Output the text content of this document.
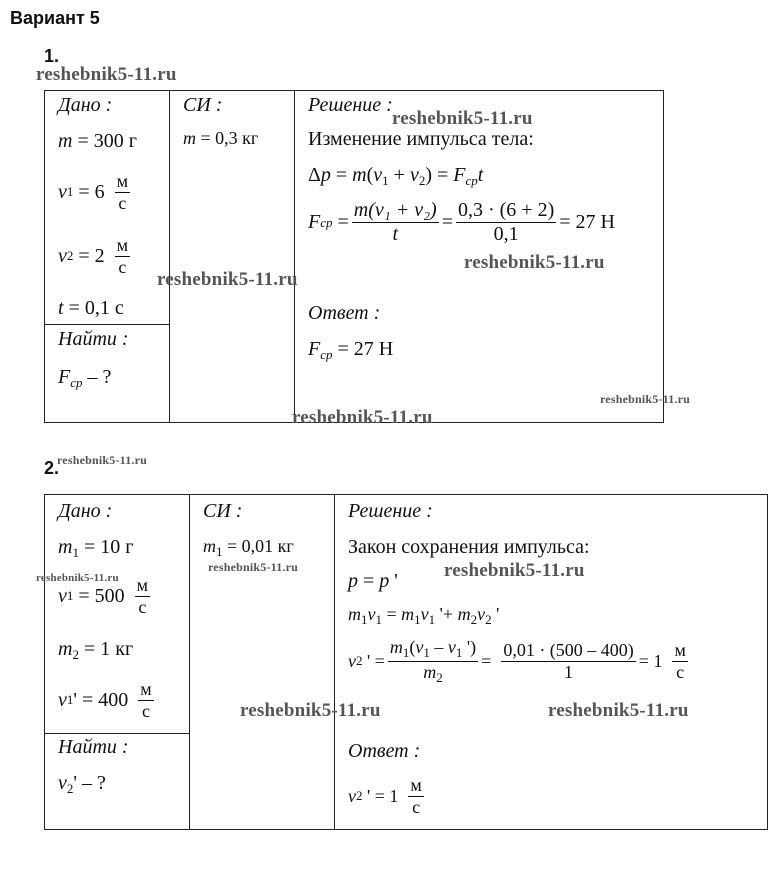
Вариант 5
1.
reshebnik5-11.ru
Дано :
m = 300 г
v $1 = 6 \frac{м}{с}$
v $2 = 2 \frac{м}{с}$
t = 0,1 с
Найти :
$F_{ср}$ – ?
СИ :
m = 0,3 кг
Решение :
Изменение импульса тела:
$\Delta p = m(v_1 + v_2) = F_{ср}t$
F ср = $\frac{\text{m(v₁ + v₂)}}{t} = \frac{0,3 \cdot (6 + 2)}{0,1} = 27$ Н
Ответ :
$F_{ср} = 27$ Н
reshebnik5-11.ru
reshebnik5-11.ru
reshebnik5-11.ru
reshebnik5-11.ru
reshebnik5-11.ru
2.
reshebnik5-11.ru
Дано :
$m_1 = 10$ г
v 1
= $500 \frac{м}{с}$
$m_2 = 1$ кг
v 1 ' = $400 \frac{м}{с}$
Найти :
$v_2'$ – ?
СИ :
$m_1 = 0,01$ кг
Решение :
Закон сохранения импульса:
p = p '
$m_1v_1 = m_1v_1$ '+ $m_2v_2$ '
v 2 ' = $\frac{m_1(v_1 - v_1 ')}{m_2} = \frac{0,01 \cdot (500 - 400)}{1} = 1 \frac{м}{с}$
Ответ :
v 2
' = $1 \frac{м}{с}$
reshebnik5-11.ru
reshebnik5-11.ru	reshebnik5-11.ru
reshebnik5-11.ru	reshebnik5-11.ru
